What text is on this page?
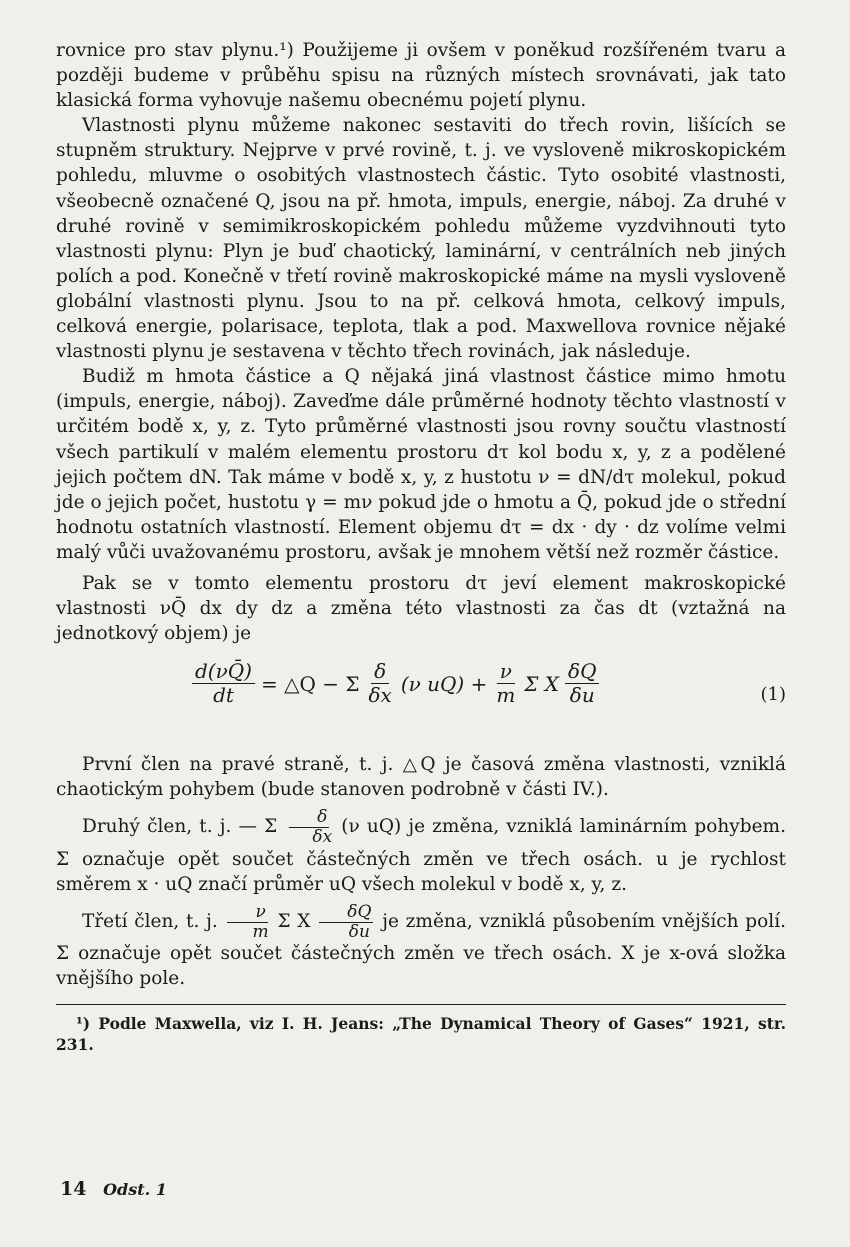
rovnice pro stav plynu.¹) Použijeme ji ovšem v poněkud rozšířeném tvaru a později budeme v průběhu spisu na různých místech srovnávati, jak tato klasická forma vyhovuje našemu obecnému pojetí plynu.

Vlastnosti plynu můžeme nakonec sestaviti do třech rovin, lišících se stupněm struktury. Nejprve v prvé rovině, t. j. ve vysloveně mikroskopickém pohledu, mluvme o osobitých vlastnostech částic. Tyto osobité vlastnosti, všeobecně označené Q, jsou na př. hmota, impuls, energie, náboj. Za druhé v druhé rovině v semimikroskopickém pohledu můžeme vyzdvihnouti tyto vlastnosti plynu: Plyn je buď chaotický, laminární, v centrálních neb jiných polích a pod. Konečně v třetí rovině makroskopické máme na mysli vysloveně globální vlastnosti plynu. Jsou to na př. celková hmota, celkový impuls, celková energie, polarisace, teplota, tlak a pod. Maxwellova rovnice nějaké vlastnosti plynu je sestavena v těchto třech rovinách, jak následuje.

Budiž m hmota částice a Q nějaká jiná vlastnost částice mimo hmotu (impuls, energie, náboj). Zaveďme dále průměrné hodnoty těchto vlastností v určitém bodě x, y, z. Tyto průměrné vlastnosti jsou rovny součtu vlastností všech partikulí v malém elementu prostoru dτ kol bodu x, y, z a podělené jejich počtem dN. Tak máme v bodě x, y, z hustotu ν = dN/dτ molekul, pokud jde o jejich počet, hustotu γ = mν pokud jde o hmotu a Q̄, pokud jde o střední hodnotu ostatních vlastností. Element objemu dτ = dx · dy · dz volíme velmi malý vůči uvažovanému prostoru, avšak je mnohem větší než rozměr částice.

Pak se v tomto elementu prostoru dτ jeví element makroskopické vlastnosti νQ̄ dx dy dz a změna této vlastnosti za čas dt (vztažná na jednotkový objem) je

$\frac{d(\nu Q̄)}{dt}$ = △Q − Σ $\frac{\delta}{\delta x} (\nu$ $uQ) + \frac{\nu}{m}$ Σ X $\frac{\delta Q}{\delta u}$	(1)

První člen na pravé straně, t. j. △Q je časová změna vlastnosti, vzniklá chaotickým pohybem (bude stanoven podrobně v části IV.).

Druhý člen, t. j. — Σ $\frac{\delta}{\delta x} (\nu$ uQ) je změna, vzniklá laminárním pohybem. Σ označuje opět součet částečných změn ve třech osách. u je rychlost směrem x · uQ značí průměr uQ všech molekul v bodě x, y, z.

Třetí člen, t. j. $\frac{\nu}{m}$ Σ X $\frac{\delta Q}{\delta u}$ je změna, vzniklá působením vnějších polí. Σ označuje opět součet částečných změn ve třech osách. X je x-ová složka vnějšího pole.

¹) Podle Maxwella, viz I. H. Jeans: „The Dynamical Theory of Gases“ 1921, str. 231.

14 Odst. 1
